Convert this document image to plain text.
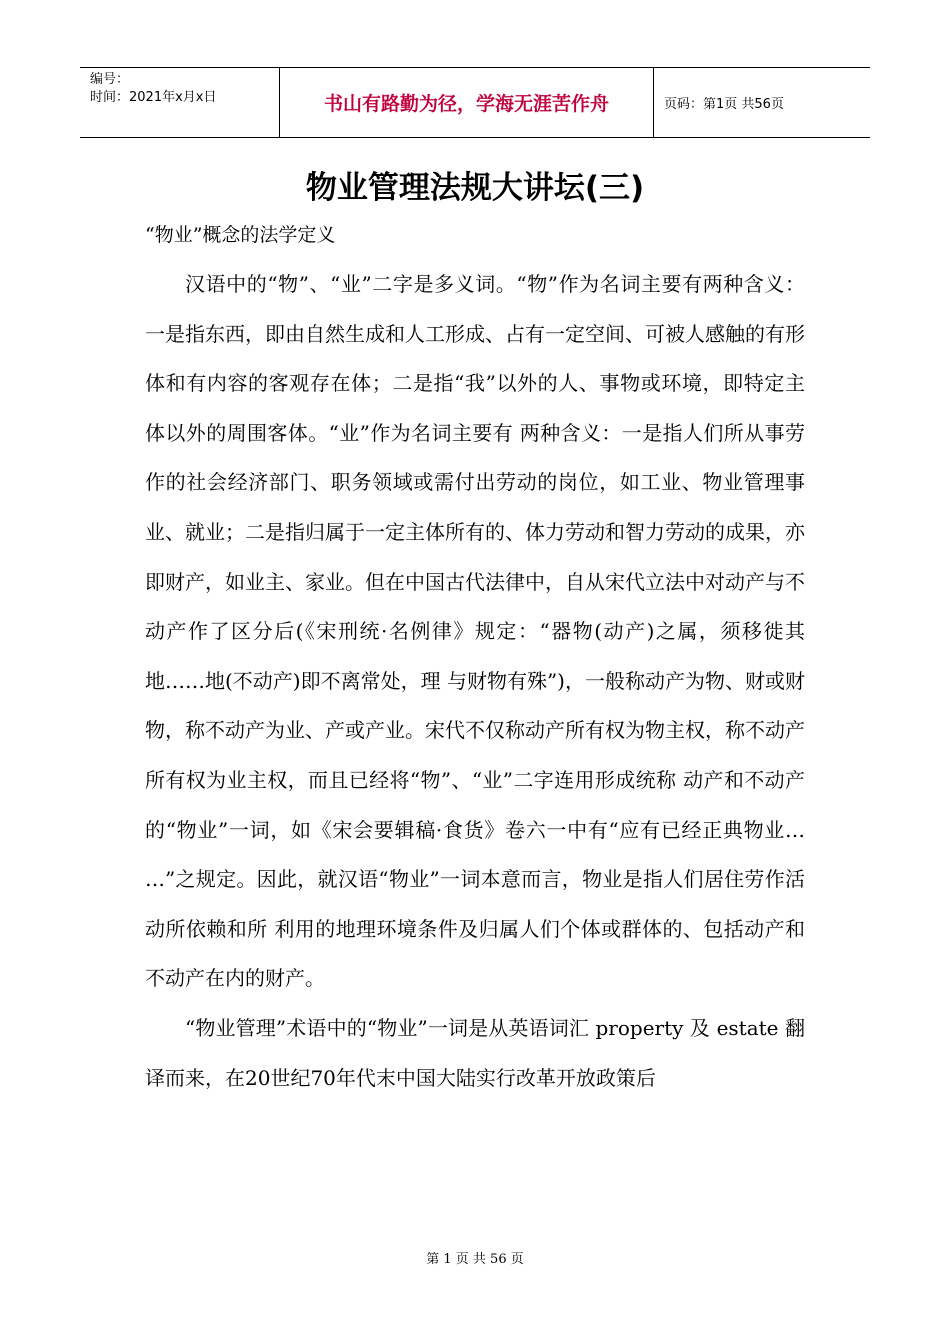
编号：
时间：2021年x月x日	书山有路勤为径，学海无涯苦作舟	页码：第1页 共56页
物业管理法规大讲坛(三)
“物业”概念的法学定义

汉语中的“物”、“业”二字是多义词。“物”作为名词主要有两种含义：一是指东西，即由自然生成和人工形成、占有一定空间、可被人感触的有形体和有内容的客观存在体；二是指“我”以外的人、事物或环境，即特定主体以外的周围客体。“业”作为名词主要有 两种含义：一是指人们所从事劳作的社会经济部门、职务领域或需付出劳动的岗位，如工业、物业管理事业、就业；二是指归属于一定主体所有的、体力劳动和智力劳动的成果，亦即财产，如业主、家业。但在中国古代法律中，自从宋代立法中对动产与不动产作了区分后(《宋刑统·名例律》规定：“器物(动产)之属，须移徙其地……地(不动产)即不离常处，理 与财物有殊”)，一般称动产为物、财或财物，称不动产为业、产或产业。宋代不仅称动产所有权为物主权，称不动产所有权为业主权，而且已经将“物”、“业”二字连用形成统称 动产和不动产的“物业”一词，如《宋会要辑稿·食货》卷六一中有“应有已经正典物业… …”之规定。因此，就汉语“物业”一词本意而言，物业是指人们居住劳作活动所依赖和所 利用的地理环境条件及归属人们个体或群体的、包括动产和不动产在内的财产。

“物业管理”术语中的“物业”一词是从英语词汇 property 及 estate 翻译而来，在20世纪70年代末中国大陆实行改革开放政策后

第 1 页 共 56 页
